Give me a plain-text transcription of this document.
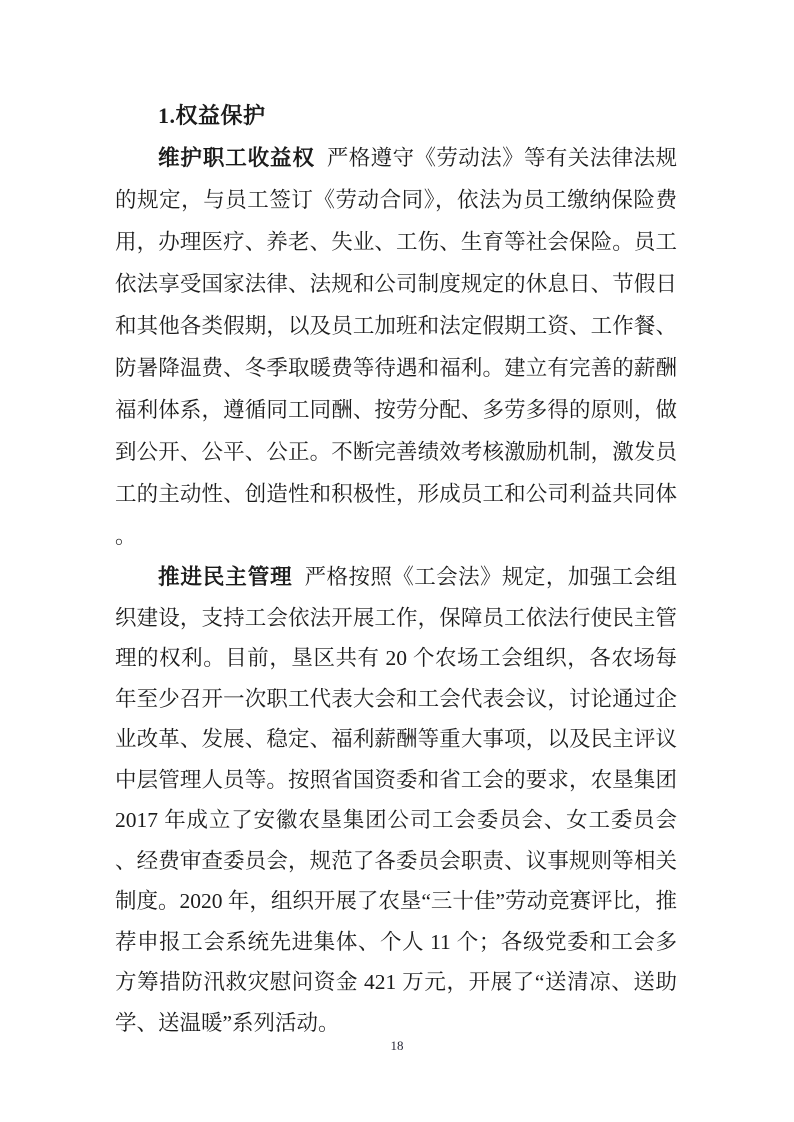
1.权益保护

维护职工收益权 严格遵守《劳动法》等有关法律法规的规定，与员工签订《劳动合同》，依法为员工缴纳保险费用，办理医疗、养老、失业、工伤、生育等社会保险。员工依法享受国家法律、法规和公司制度规定的休息日、节假日和其他各类假期，以及员工加班和法定假期工资、工作餐、防暑降温费、冬季取暖费等待遇和福利。建立有完善的薪酬福利体系，遵循同工同酬、按劳分配、多劳多得的原则，做到公开、公平、公正。不断完善绩效考核激励机制，激发员工的主动性、创造性和积极性，形成员工和公司利益共同体。

推进民主管理 严格按照《工会法》规定，加强工会组织建设，支持工会依法开展工作，保障员工依法行使民主管理的权利。目前，垦区共有 20 个农场工会组织，各农场每年至少召开一次职工代表大会和工会代表会议，讨论通过企业改革、发展、稳定、福利薪酬等重大事项，以及民主评议中层管理人员等。按照省国资委和省工会的要求，农垦集团 2017 年成立了安徽农垦集团公司工会委员会、女工委员会、经费审查委员会，规范了各委员会职责、议事规则等相关制度。2020 年，组织开展了农垦“三十佳”劳动竞赛评比，推荐申报工会系统先进集体、个人 11 个；各级党委和工会多方筹措防汛救灾慰问资金 421 万元，开展了“送清凉、送助学、送温暖”系列活动。

18
